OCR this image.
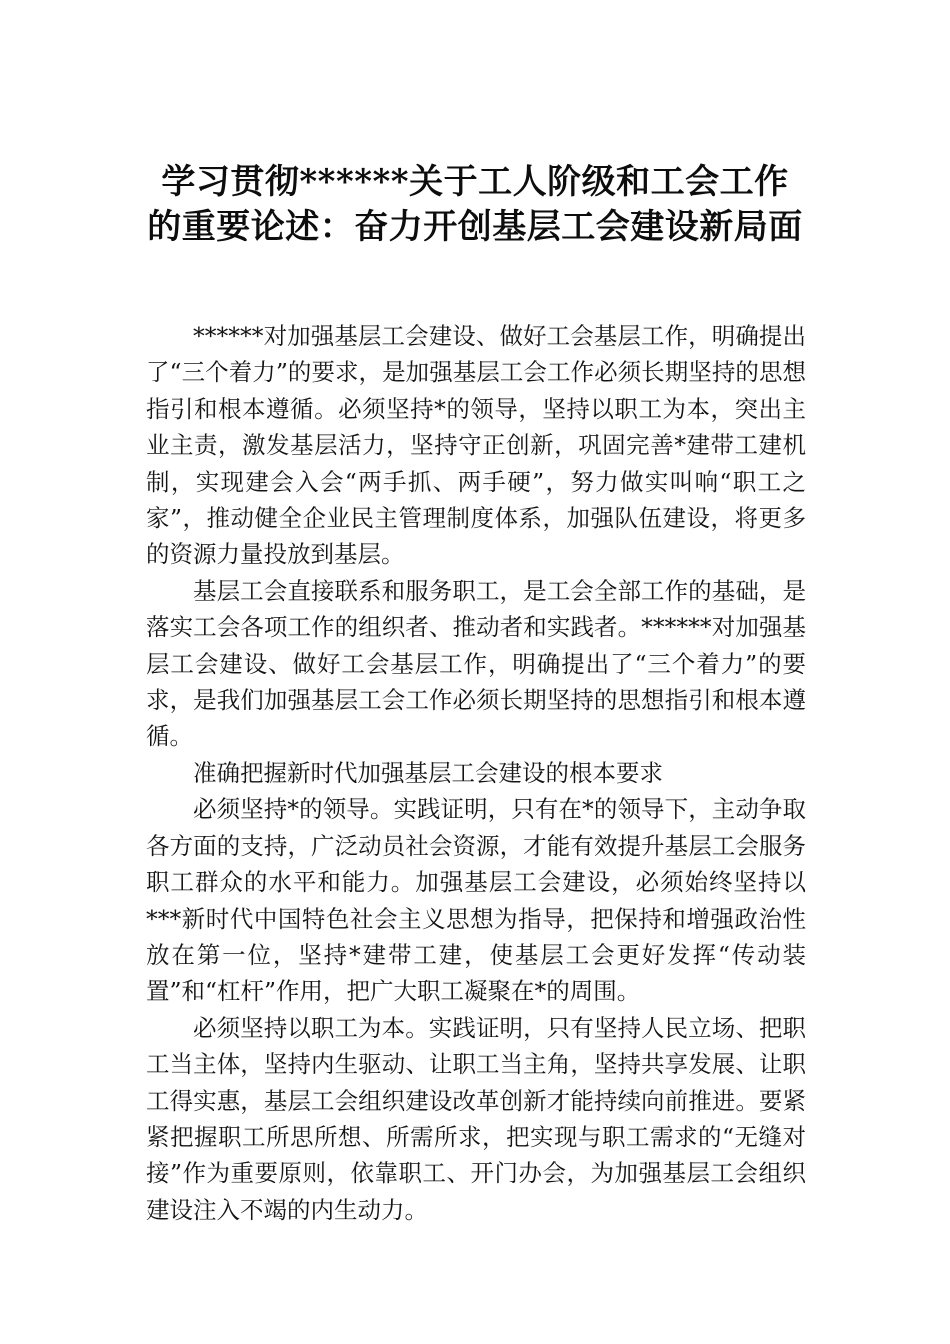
学习贯彻******关于工人阶级和工会工作
的重要论述：奋力开创基层工会建设新局面

******对加强基层工会建设、做好工会基层工作，明确提出了“三个着力”的要求，是加强基层工会工作必须长期坚持的思想指引和根本遵循。必须坚持*的领导，坚持以职工为本，突出主业主责，激发基层活力，坚持守正创新，巩固完善*建带工建机制，实现建会入会“两手抓、两手硬”，努力做实叫响“职工之家”，推动健全企业民主管理制度体系，加强队伍建设，将更多的资源力量投放到基层。

基层工会直接联系和服务职工，是工会全部工作的基础，是落实工会各项工作的组织者、推动者和实践者。******对加强基层工会建设、做好工会基层工作，明确提出了“三个着力”的要求，是我们加强基层工会工作必须长期坚持的思想指引和根本遵循。

准确把握新时代加强基层工会建设的根本要求

必须坚持*的领导。实践证明，只有在*的领导下，主动争取各方面的支持，广泛动员社会资源，才能有效提升基层工会服务职工群众的水平和能力。加强基层工会建设，必须始终坚持以***新时代中国特色社会主义思想为指导，把保持和增强政治性放在第一位，坚持*建带工建，使基层工会更好发挥“传动装置”和“杠杆”作用，把广大职工凝聚在*的周围。

必须坚持以职工为本。实践证明，只有坚持人民立场、把职工当主体，坚持内生驱动、让职工当主角，坚持共享发展、让职工得实惠，基层工会组织建设改革创新才能持续向前推进。要紧紧把握职工所思所想、所需所求，把实现与职工需求的“无缝对接”作为重要原则，依靠职工、开门办会，为加强基层工会组织建设注入不竭的内生动力。
